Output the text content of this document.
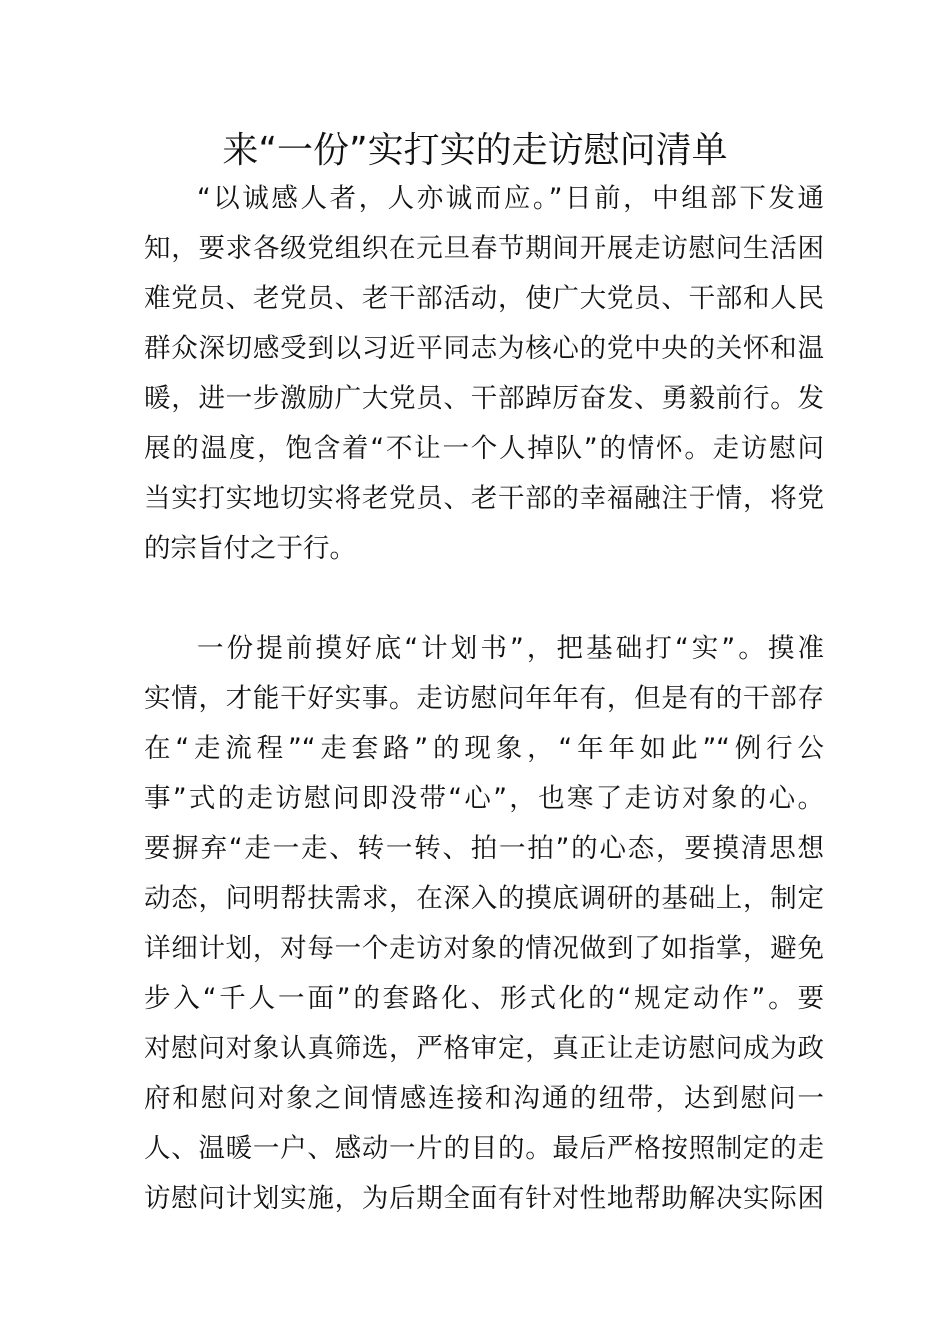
来“一份”实打实的走访慰问清单
“以诚感人者，人亦诚而应。”日前，中组部下发通
知，要求各级党组织在元旦春节期间开展走访慰问生活困
难党员、老党员、老干部活动，使广大党员、干部和人民
群众深切感受到以习近平同志为核心的党中央的关怀和温
暖，进一步激励广大党员、干部踔厉奋发、勇毅前行。发
展的温度，饱含着“不让一个人掉队”的情怀。走访慰问
当实打实地切实将老党员、老干部的幸福融注于情，将党
的宗旨付之于行。
一份提前摸好底“计划书”，把基础打“实”。摸准
实情，才能干好实事。走访慰问年年有，但是有的干部存
在“走流程”“走套路”的现象，“年年如此”“例行公
事”式的走访慰问即没带“心”，也寒了走访对象的心。
要摒弃“走一走、转一转、拍一拍”的心态，要摸清思想
动态，问明帮扶需求，在深入的摸底调研的基础上，制定
详细计划，对每一个走访对象的情况做到了如指掌，避免
步入“千人一面”的套路化、形式化的“规定动作”。要
对慰问对象认真筛选，严格审定，真正让走访慰问成为政
府和慰问对象之间情感连接和沟通的纽带，达到慰问一
人、温暖一户、感动一片的目的。最后严格按照制定的走
访慰问计划实施，为后期全面有针对性地帮助解决实际困
